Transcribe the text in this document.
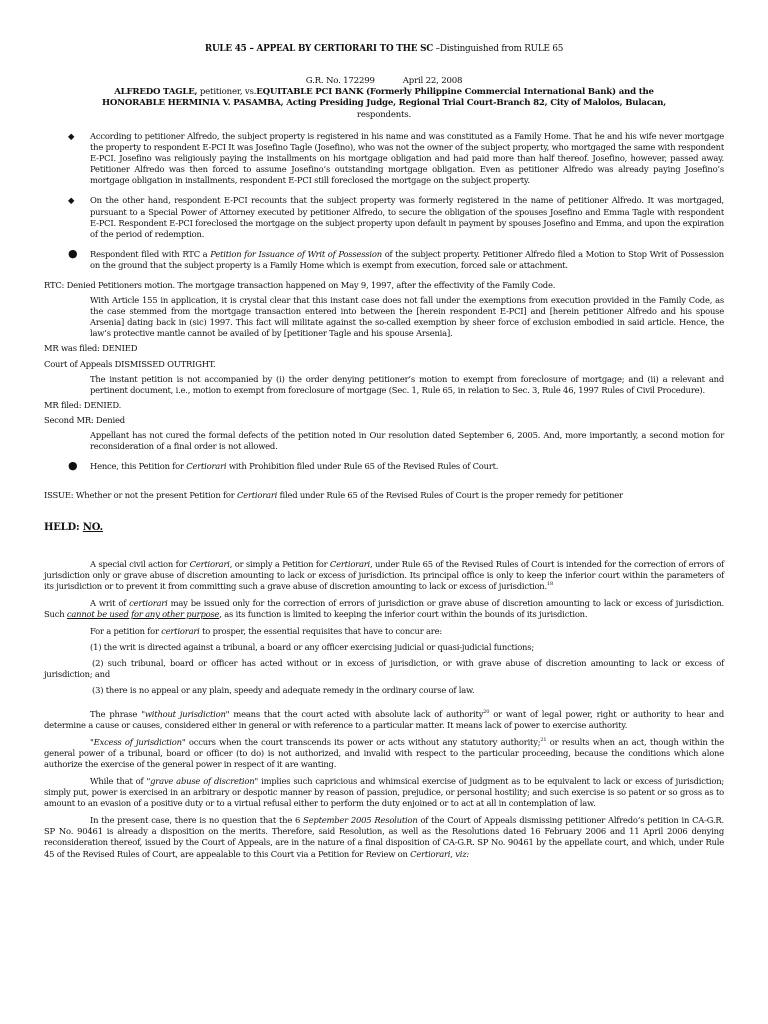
RULE 45 – APPEAL BY CERTIORARI TO THE SC –Distinguished from RULE 65
G.R. No. 172299	April 22, 2008
ALFREDO TAGLE, petitioner, vs.EQUITABLE PCI BANK (Formerly Philippine Commercial International Bank) and the HONORABLE HERMINIA V. PASAMBA, Acting Presiding Judge, Regional Trial Court-Branch 82, City of Malolos, Bulacan, respondents.
◆ According to petitioner Alfredo, the subject property is registered in his name and was constituted as a Family Home. That he and his wife never mortgage the property to respondent E-PCI It was Josefino Tagle (Josefino), who was not the owner of the subject property, who mortgaged the same with respondent E-PCI. Josefino was religiously paying the installments on his mortgage obligation and had paid more than half thereof. Josefino, however, passed away. Petitioner Alfredo was then forced to assume Josefino’s outstanding mortgage obligation. Even as petitioner Alfredo was already paying Josefino’s mortgage obligation in installments, respondent E-PCI still foreclosed the mortgage on the subject property.
◆ On the other hand, respondent E-PCI recounts that the subject property was formerly registered in the name of petitioner Alfredo. It was mortgaged, pursuant to a Special Power of Attorney executed by petitioner Alfredo, to secure the obligation of the spouses Josefino and Emma Tagle with respondent E-PCI. Respondent E-PCI foreclosed the mortgage on the subject property upon default in payment by spouses Josefino and Emma, and upon the expiration of the period of redemption.
● Respondent filed with RTC a Petition for Issuance of Writ of Possession of the subject property. Petitioner Alfredo filed a Motion to Stop Writ of Possession on the ground that the subject property is a Family Home which is exempt from execution, forced sale or attachment.
RTC: Denied Petitioners motion. The mortgage transaction happened on May 9, 1997, after the effectivity of the Family Code.
With Article 155 in application, it is crystal clear that this instant case does not fall under the exemptions from execution provided in the Family Code, as the case stemmed from the mortgage transaction entered into between the [herein respondent E-PCI] and [herein petitioner Alfredo and his spouse Arsenia] dating back in (sic) 1997. This fact will militate against the so-called exemption by sheer force of exclusion embodied in said article. Hence, the law’s protective mantle cannot be availed of by [petitioner Tagle and his spouse Arsenia].
MR was filed: DENIED
Court of Appeals DISMISSED OUTRIGHT.
The instant petition is not accompanied by (i) the order denying petitioner’s motion to exempt from foreclosure of mortgage; and (ii) a relevant and pertinent document, i.e., motion to exempt from foreclosure of mortgage (Sec. 1, Rule 65, in relation to Sec. 3, Rule 46, 1997 Rules of Civil Procedure).
MR filed: DENIED.
Second MR: Denied
Appellant has not cured the formal defects of the petition noted in Our resolution dated September 6, 2005. And, more importantly, a second motion for reconsideration of a final order is not allowed.
● Hence, this Petition for Certiorari with Prohibition filed under Rule 65 of the Revised Rules of Court.
ISSUE: Whether or not the present Petition for Certiorari filed under Rule 65 of the Revised Rules of Court is the proper remedy for petitioner
HELD: NO.
A special civil action for Certiorari, or simply a Petition for Certiorari, under Rule 65 of the Revised Rules of Court is intended for the correction of errors of jurisdiction only or grave abuse of discretion amounting to lack or excess of jurisdiction. Its principal office is only to keep the inferior court within the parameters of its jurisdiction or to prevent it from committing such a grave abuse of discretion amounting to lack or excess of jurisdiction.$^{18}$
A writ of certiorari may be issued only for the correction of errors of jurisdiction or grave abuse of discretion amounting to lack or excess of jurisdiction. Such cannot be used for any other purpose, as its function is limited to keeping the inferior court within the bounds of its jurisdiction.
For a petition for certiorari to prosper, the essential requisites that have to concur are:
(1) the writ is directed against a tribunal, a board or any officer exercising judicial or quasi-judicial functions;
(2) such tribunal, board or officer has acted without or in excess of jurisdiction, or with grave abuse of discretion amounting to lack or excess of jurisdiction; and
(3) there is no appeal or any plain, speedy and adequate remedy in the ordinary course of law.
The phrase "without jurisdiction" means that the court acted with absolute lack of authority$^{20}$ or want of legal power, right or authority to hear and determine a cause or causes, considered either in general or with reference to a particular matter. It means lack of power to exercise authority.
"Excess of jurisdiction" occurs when the court transcends its power or acts without any statutory authority;$^{21}$ or results when an act, though within the general power of a tribunal, board or officer (to do) is not authorized, and invalid with respect to the particular proceeding, because the conditions which alone authorize the exercise of the general power in respect of it are wanting.
While that of "grave abuse of discretion" implies such capricious and whimsical exercise of judgment as to be equivalent to lack or excess of jurisdiction; simply put, power is exercised in an arbitrary or despotic manner by reason of passion, prejudice, or personal hostility; and such exercise is so patent or so gross as to amount to an evasion of a positive duty or to a virtual refusal either to perform the duty enjoined or to act at all in contemplation of law.
In the present case, there is no question that the 6 September 2005 Resolution of the Court of Appeals dismissing petitioner Alfredo’s petition in CA-G.R. SP No. 90461 is already a disposition on the merits. Therefore, said Resolution, as well as the Resolutions dated 16 February 2006 and 11 April 2006 denying reconsideration thereof, issued by the Court of Appeals, are in the nature of a final disposition of CA-G.R. SP No. 90461 by the appellate court, and which, under Rule 45 of the Revised Rules of Court, are appealable to this Court via a Petition for Review on Certiorari, viz:
